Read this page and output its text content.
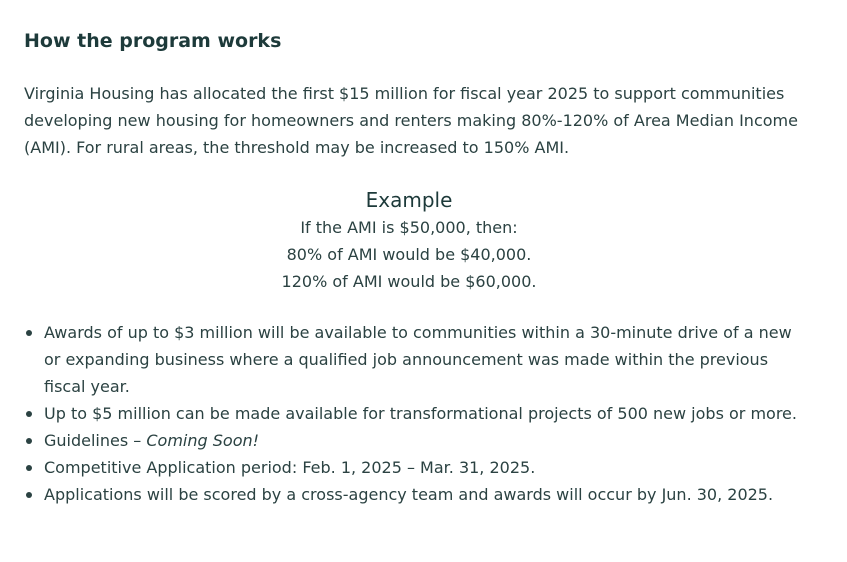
How the program works

Virginia Housing has allocated the first $15 million for fiscal year 2025 to support communities developing new housing for homeowners and renters making 80%-120% of Area Median Income (AMI). For rural areas, the threshold may be increased to 150% AMI.

Example
If the AMI is $50,000, then:
80% of AMI would be $40,000.
120% of AMI would be $60,000.
Awards of up to $3 million will be available to communities within a 30-minute drive of a new or expanding business where a qualified job announcement was made within the previous fiscal year.
Up to $5 million can be made available for transformational projects of 500 new jobs or more.
Guidelines – Coming Soon!
Competitive Application period: Feb. 1, 2025 – Mar. 31, 2025.
Applications will be scored by a cross-agency team and awards will occur by Jun. 30, 2025.
